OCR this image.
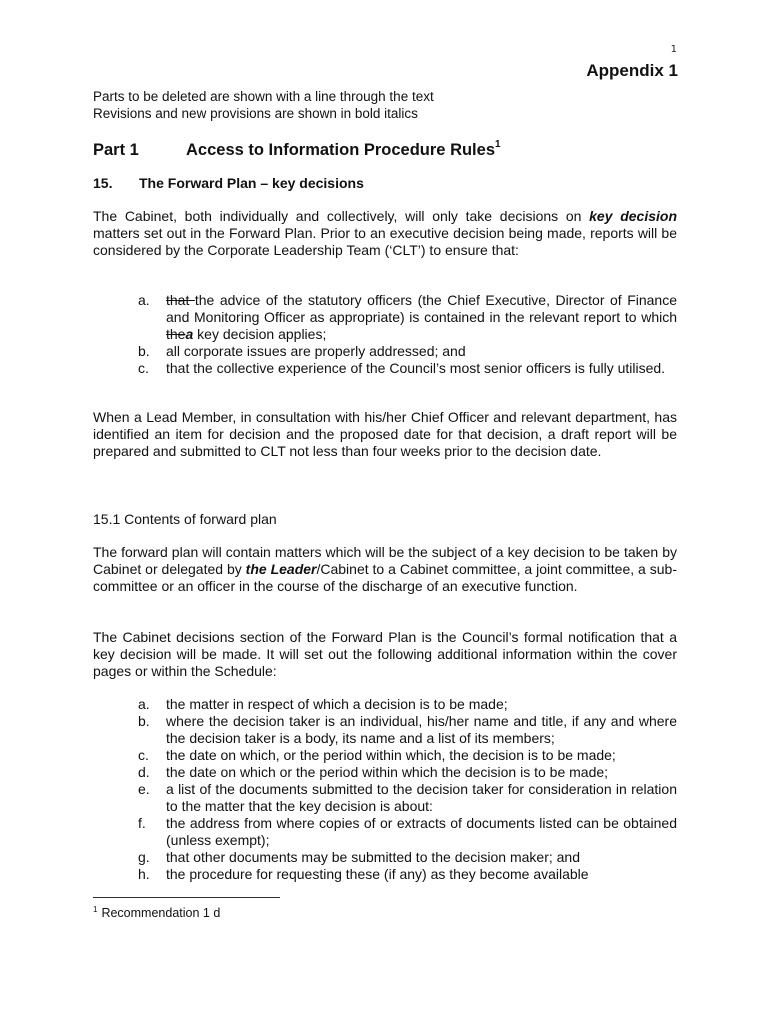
1
Appendix 1
Parts to be deleted are shown with a line through the text
Revisions and new provisions are shown in bold italics
Part 1	Access to Information Procedure Rules$^1$
15. The Forward Plan – key decisions
The Cabinet, both individually and collectively, will only take decisions on key decision matters set out in the Forward Plan. Prior to an executive decision being made, reports will be considered by the Corporate Leadership Team (‘CLT’) to ensure that:
a. that the advice of the statutory officers (the Chief Executive, Director of Finance and Monitoring Officer as appropriate) is contained in the relevant report to which thea key decision applies;
b. all corporate issues are properly addressed; and
c. that the collective experience of the Council’s most senior officers is fully utilised.
When a Lead Member, in consultation with his/her Chief Officer and relevant department, has identified an item for decision and the proposed date for that decision, a draft report will be prepared and submitted to CLT not less than four weeks prior to the decision date.
15.1 Contents of forward plan
The forward plan will contain matters which will be the subject of a key decision to be taken by Cabinet or delegated by the Leader/Cabinet to a Cabinet committee, a joint committee, a sub-committee or an officer in the course of the discharge of an executive function.
The Cabinet decisions section of the Forward Plan is the Council’s formal notification that a key decision will be made. It will set out the following additional information within the cover pages or within the Schedule:
a. the matter in respect of which a decision is to be made;
b. where the decision taker is an individual, his/her name and title, if any and where the decision taker is a body, its name and a list of its members;
c. the date on which, or the period within which, the decision is to be made;
d. the date on which or the period within which the decision is to be made;
e. a list of the documents submitted to the decision taker for consideration in relation to the matter that the key decision is about:
f. the address from where copies of or extracts of documents listed can be obtained (unless exempt);
g. that other documents may be submitted to the decision maker; and
h. the procedure for requesting these (if any) as they become available
$^1$ Recommendation 1 d
